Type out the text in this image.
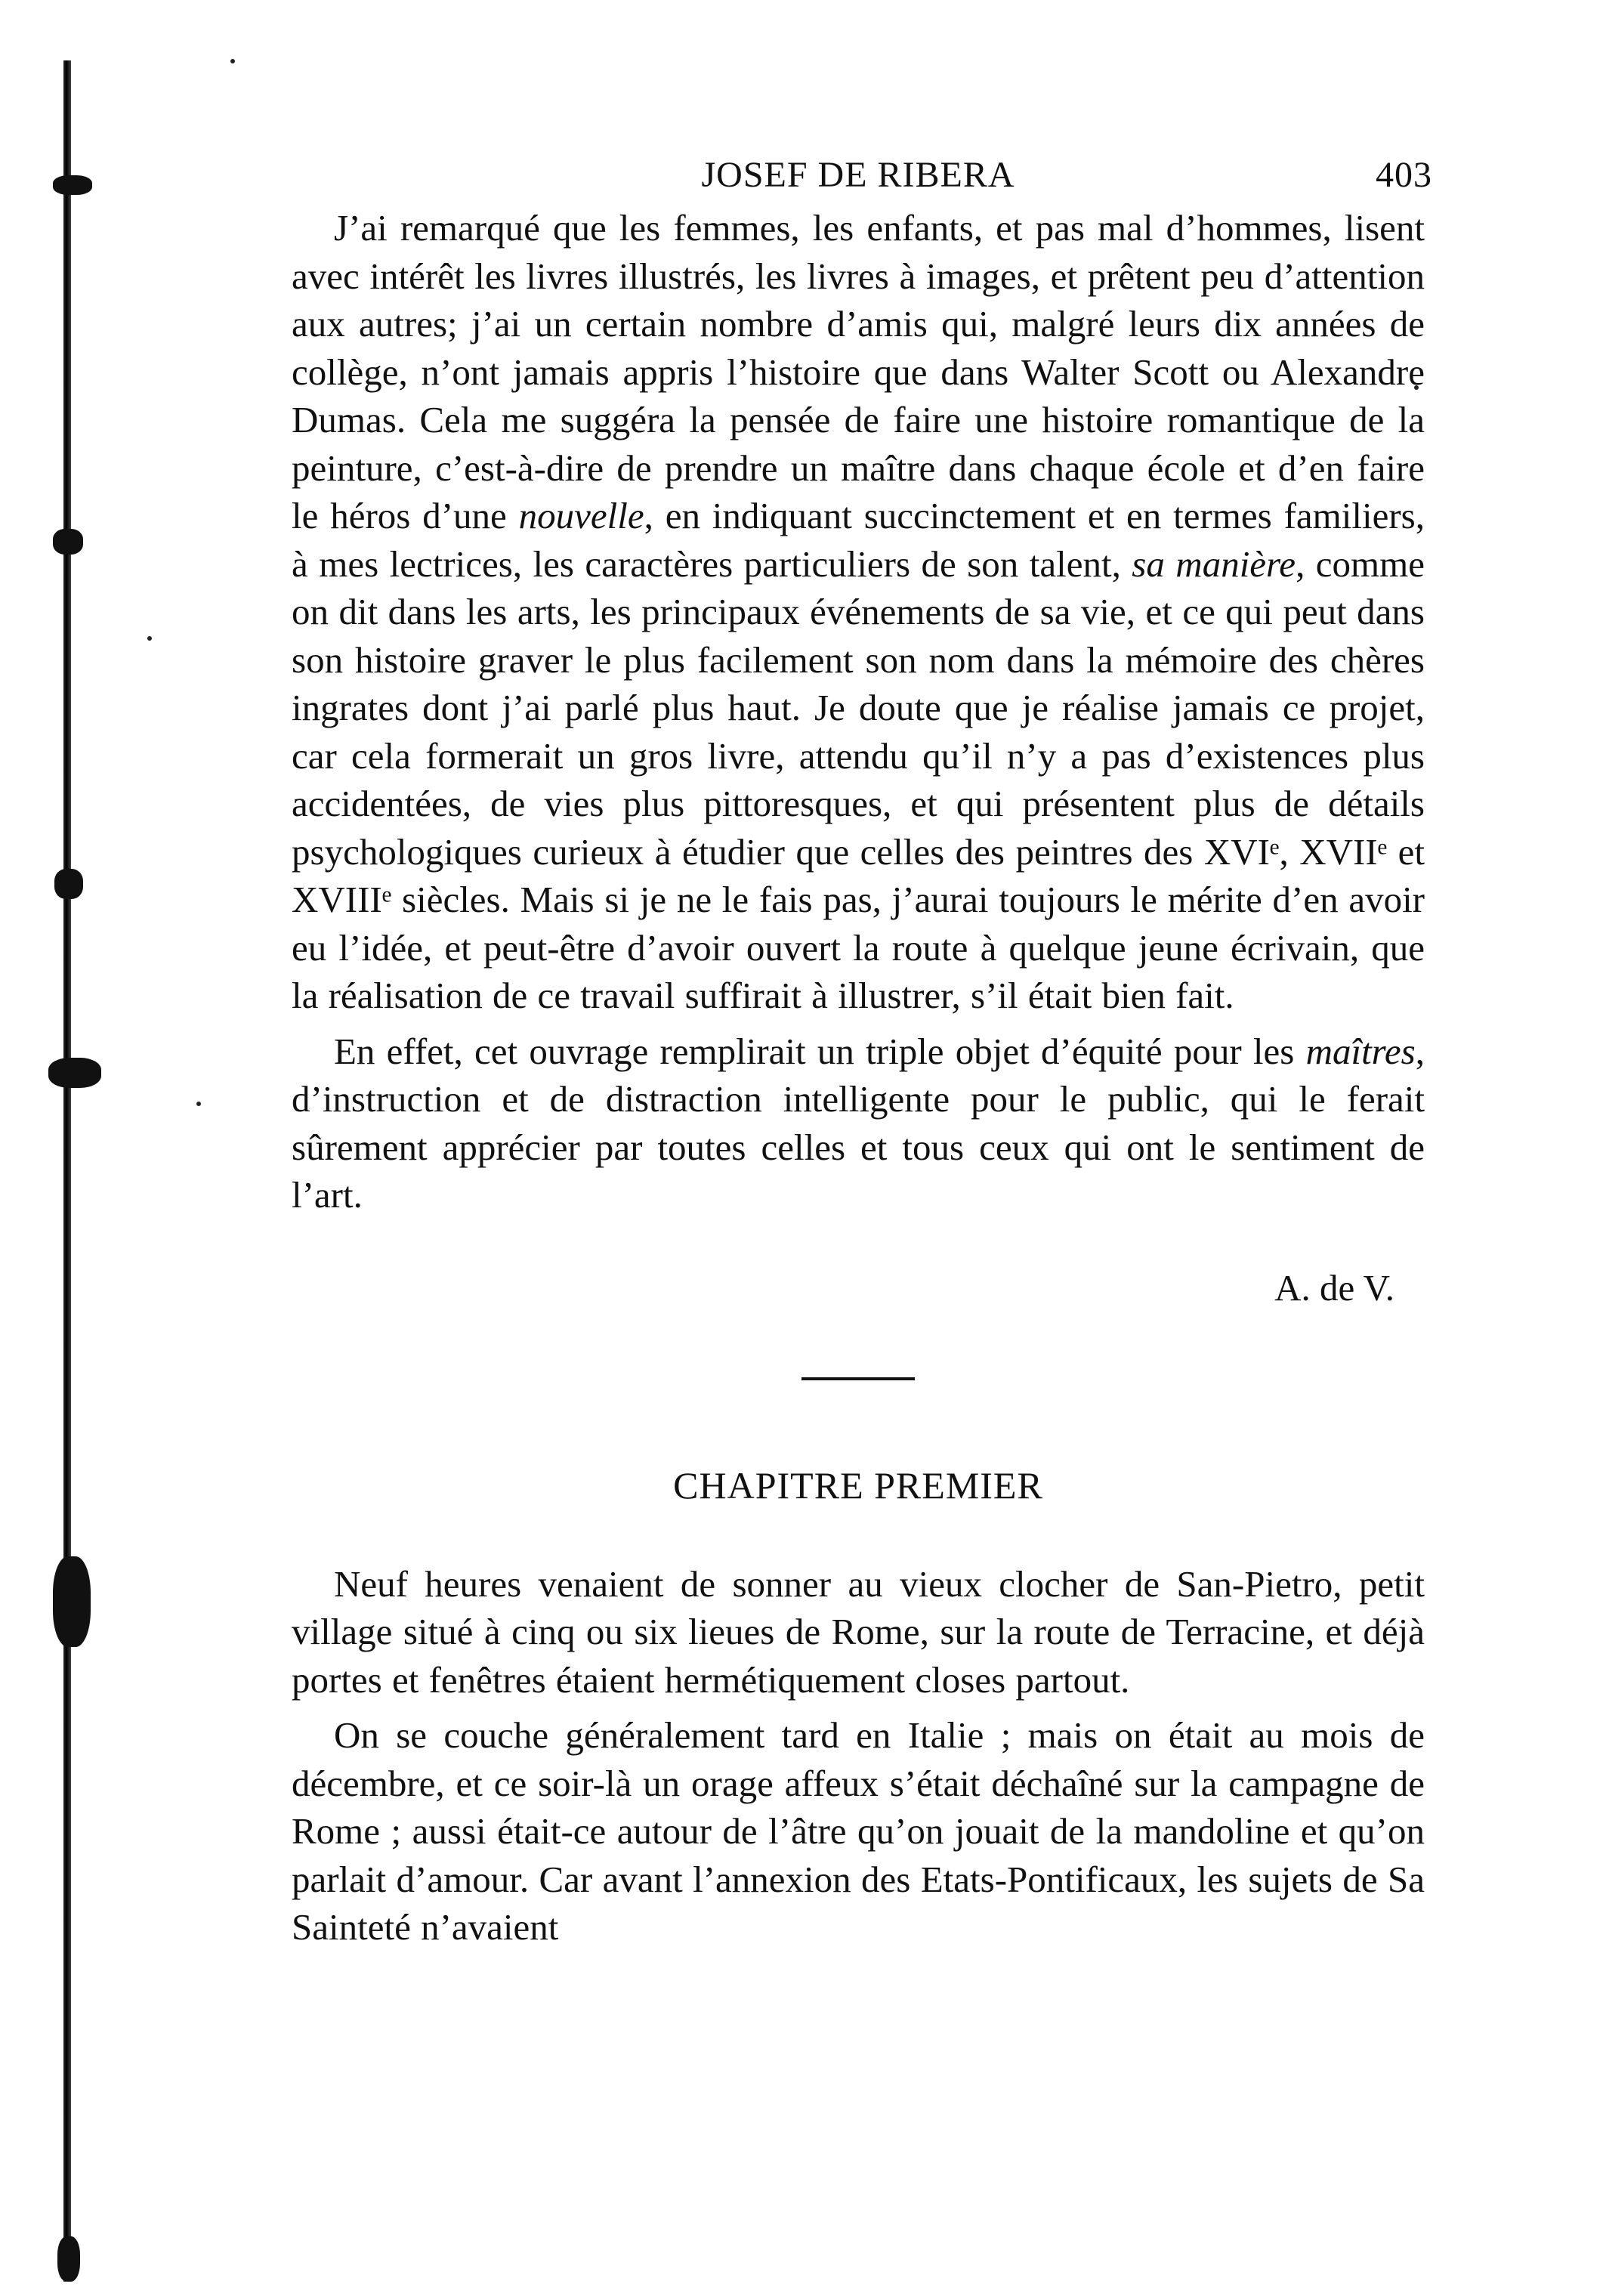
JOSEF DE RIBERA	403

J’ai remarqué que les femmes, les enfants, et pas mal d’hommes, lisent avec intérêt les livres illustrés, les livres à images, et prêtent peu d’attention aux autres; j’ai un certain nombre d’amis qui, malgré leurs dix années de collège, n’ont jamais appris l’histoire que dans Walter Scott ou Alexandre Dumas. Cela me suggéra la pensée de faire une histoire romantique de la peinture, c’est-à-dire de prendre un maître dans chaque école et d’en faire le héros d’une nouvelle, en indiquant succinctement et en termes familiers, à mes lectrices, les caractères particuliers de son talent, sa manière, comme on dit dans les arts, les principaux événements de sa vie, et ce qui peut dans son histoire graver le plus facilement son nom dans la mémoire des chères ingrates dont j’ai parlé plus haut. Je doute que je réalise jamais ce projet, car cela formerait un gros livre, attendu qu’il n’y a pas d’existences plus accidentées, de vies plus pittoresques, et qui présentent plus de détails psychologiques curieux à étudier que celles des peintres des XVIᵉ, XVIIᵉ et XVIIIᵉ siècles. Mais si je ne le fais pas, j’aurai toujours le mérite d’en avoir eu l’idée, et peut-être d’avoir ouvert la route à quelque jeune écrivain, que la réalisation de ce travail suffirait à illustrer, s’il était bien fait.

En effet, cet ouvrage remplirait un triple objet d’équité pour les maîtres, d’instruction et de distraction intelligente pour le public, qui le ferait sûrement apprécier par toutes celles et tous ceux qui ont le sentiment de l’art.

A. de V.
CHAPITRE PREMIER

Neuf heures venaient de sonner au vieux clocher de San-Pietro, petit village situé à cinq ou six lieues de Rome, sur la route de Terracine, et déjà portes et fenêtres étaient hermétiquement closes partout.

On se couche généralement tard en Italie ; mais on était au mois de décembre, et ce soir-là un orage affeux s’était déchaîné sur la campagne de Rome ; aussi était-ce autour de l’âtre qu’on jouait de la mandoline et qu’on parlait d’amour. Car avant l’annexion des Etats-Pontificaux, les sujets de Sa Sainteté n’avaient
